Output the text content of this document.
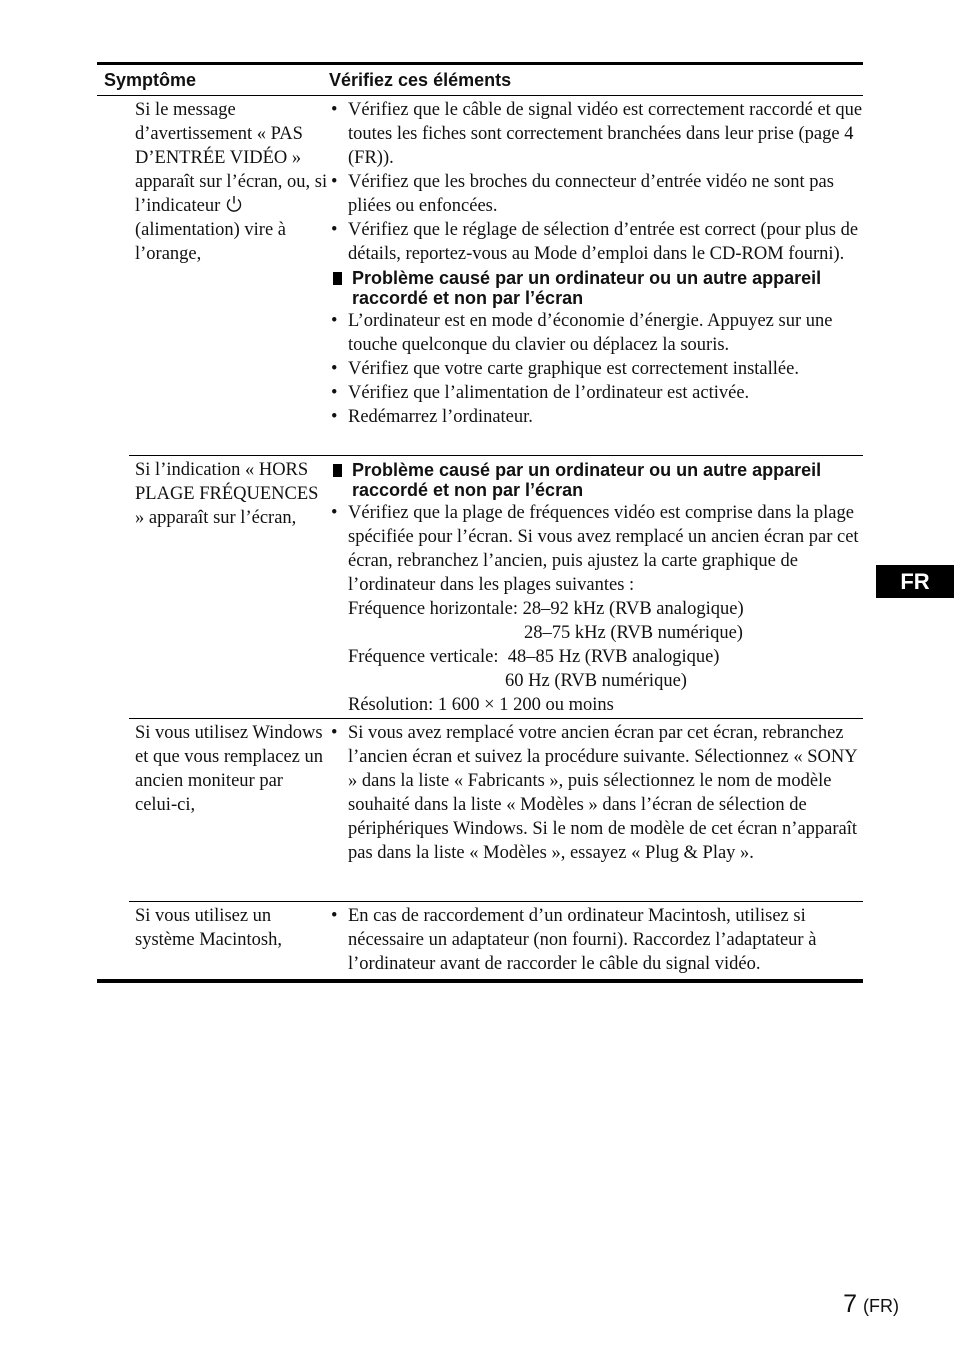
Symptôme	Vérifiez ces éléments
Si le message d’avertissement « PAS D’ENTRÉE VIDÉO » apparaît sur l’écran, ou, si l’indicateur  (alimentation) vire à l’orange,
• Vérifiez que le câble de signal vidéo est correctement raccordé et que toutes les fiches sont correctement branchées dans leur prise (page 4 (FR)).
• Vérifiez que les broches du connecteur d’entrée vidéo ne sont pas pliées ou enfoncées.
• Vérifiez que le réglage de sélection d’entrée est correct (pour plus de détails, reportez-vous au Mode d’emploi dans le CD-ROM fourni).
Problème causé par un ordinateur ou un autre appareil raccordé et non par l’écran
• L’ordinateur est en mode d’économie d’énergie. Appuyez sur une touche quelconque du clavier ou déplacez la souris.
• Vérifiez que votre carte graphique est correctement installée.
• Vérifiez que l’alimentation de l’ordinateur est activée.
• Redémarrez l’ordinateur.
Si l’indication « HORS PLAGE FRÉQUENCES » apparaît sur l’écran,
Problème causé par un ordinateur ou un autre appareil raccordé et non par l’écran
• Vérifiez que la plage de fréquences vidéo est comprise dans la plage spécifiée pour l’écran. Si vous avez remplacé un ancien écran par cet écran, rebranchez l’ancien, puis ajustez la carte graphique de l’ordinateur dans les plages suivantes :
Fréquence horizontale: 28–92 kHz (RVB analogique)
28–75 kHz (RVB numérique)
Fréquence verticale:  48–85 Hz (RVB analogique)
60 Hz (RVB numérique)
Résolution: 1 600 × 1 200 ou moins
Si vous utilisez Windows et que vous remplacez un ancien moniteur par celui-ci,
• Si vous avez remplacé votre ancien écran par cet écran, rebranchez l’ancien écran et suivez la procédure suivante. Sélectionnez « SONY » dans la liste « Fabricants », puis sélectionnez le nom de modèle souhaité dans la liste « Modèles » dans l’écran de sélection de périphériques Windows. Si le nom de modèle de cet écran n’apparaît pas dans la liste « Modèles », essayez « Plug & Play ».
Si vous utilisez un système Macintosh,
• En cas de raccordement d’un ordinateur Macintosh, utilisez si nécessaire un adaptateur (non fourni). Raccordez l’adaptateur à l’ordinateur avant de raccorder le câble du signal vidéo.
FR
7 (FR)
